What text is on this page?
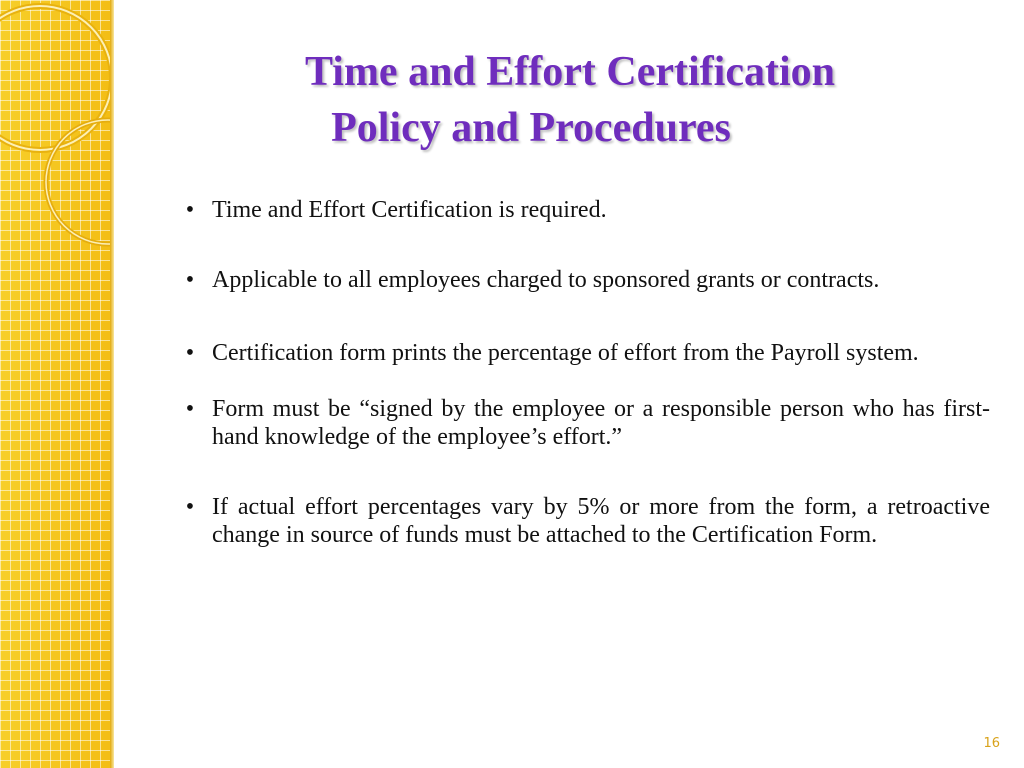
Time and Effort Certification
Policy and Procedures
• Time and Effort Certification is required.
• Applicable to all employees charged to sponsored grants or contracts.
• Certification form prints the percentage of effort from the Payroll system.
• Form must be “signed by the employee or a responsible person who has first-hand knowledge of the employee’s effort.”
• If actual effort percentages vary by 5% or more from the form, a retroactive change in source of funds must be attached to the Certification Form.
16
